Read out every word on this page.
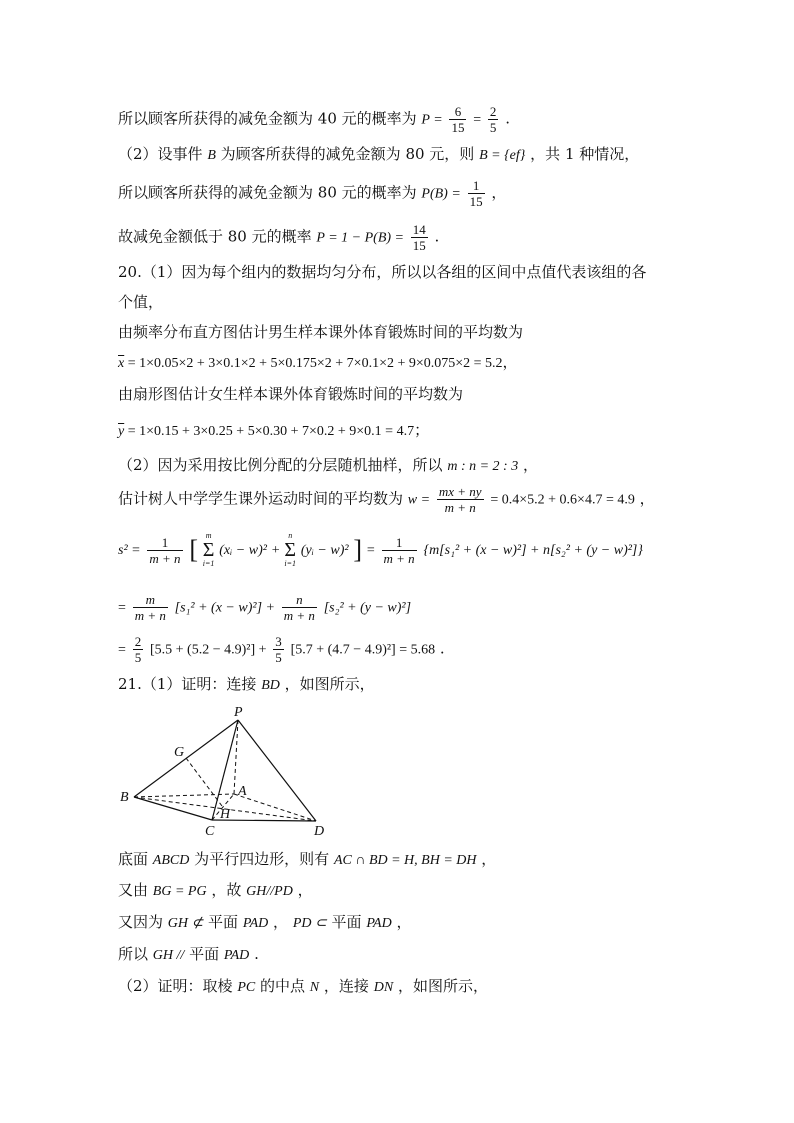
所以顾客所获得的减免金额为 40 元的概率为 $P = \frac{6}{15} = \frac{2}{5}$ .
（2）设事件 B 为顾客所获得的减免金额为 80 元，则 B = {ef} ，共 1 种情况，
所以顾客所获得的减免金额为 80 元的概率为 $P(B) = \frac{1}{15}$ ，
故减免金额低于 80 元的概率 $P = 1 - P(B) = \frac{14}{15}$ .
20.（1）因为每个组内的数据均匀分布，所以以各组的区间中点值代表该组的各
个值，
由频率分布直方图估计男生样本课外体育锻炼时间的平均数为
$\overline{x} = 1\times 0.05\times 2 + 3\times 0.1\times 2 + 5\times 0.175\times 2 + 7\times 0.1\times 2 + 9\times 0.075\times 2 = 5.2$，
由扇形图估计女生样本课外体育锻炼时间的平均数为
$\overline{y} = 1\times 0.15 + 3\times 0.25 + 5\times 0.30 + 7\times 0.2 + 9\times 0.1 = 4.7$；
（2）因为采用按比例分配的分层随机抽样，所以 m : n = 2 : 3 ，
估计树人中学学生课外运动时间的平均数为 $w = \frac{mx + ny}{m + n} = 0.4\times 5.2 + 0.6\times 4.7 = 4.9$ ，
$s^2 = \frac{1}{m + n}$ [ m
Σ
i=1
(xᵢ − w)² +
n
Σ
i=1
(yᵢ − w)² ] = $\frac{1}{m + n} \{m[s_1^2 + (x - w)^2] + n[s_2^2 + (y - w)^2]\}$
= $\frac{m}{m + n} [s_1^2 + (x - w)^2] + \frac{n}{m + n} [s_2^2 + (y - w)^2]$
= $\frac{2}{5} [5.5 + (5.2 - 4.9)^2] + \frac{3}{5} [5.7 + (4.7 - 4.9)^2] = 5.68$ .
21.（1）证明：连接 BD ，如图所示，
P
G
B	A
H
C	D
底面 ABCD 为平行四边形，则有 AC ∩ BD = H, BH = DH ，
又由 BG = PG ，故 GH//PD ，
又因为 GH ⊄ 平面 PAD ， PD ⊂ 平面 PAD ，
所以 GH // 平面 PAD .
（2）证明：取棱 PC 的中点 N ，连接 DN ，如图所示，
